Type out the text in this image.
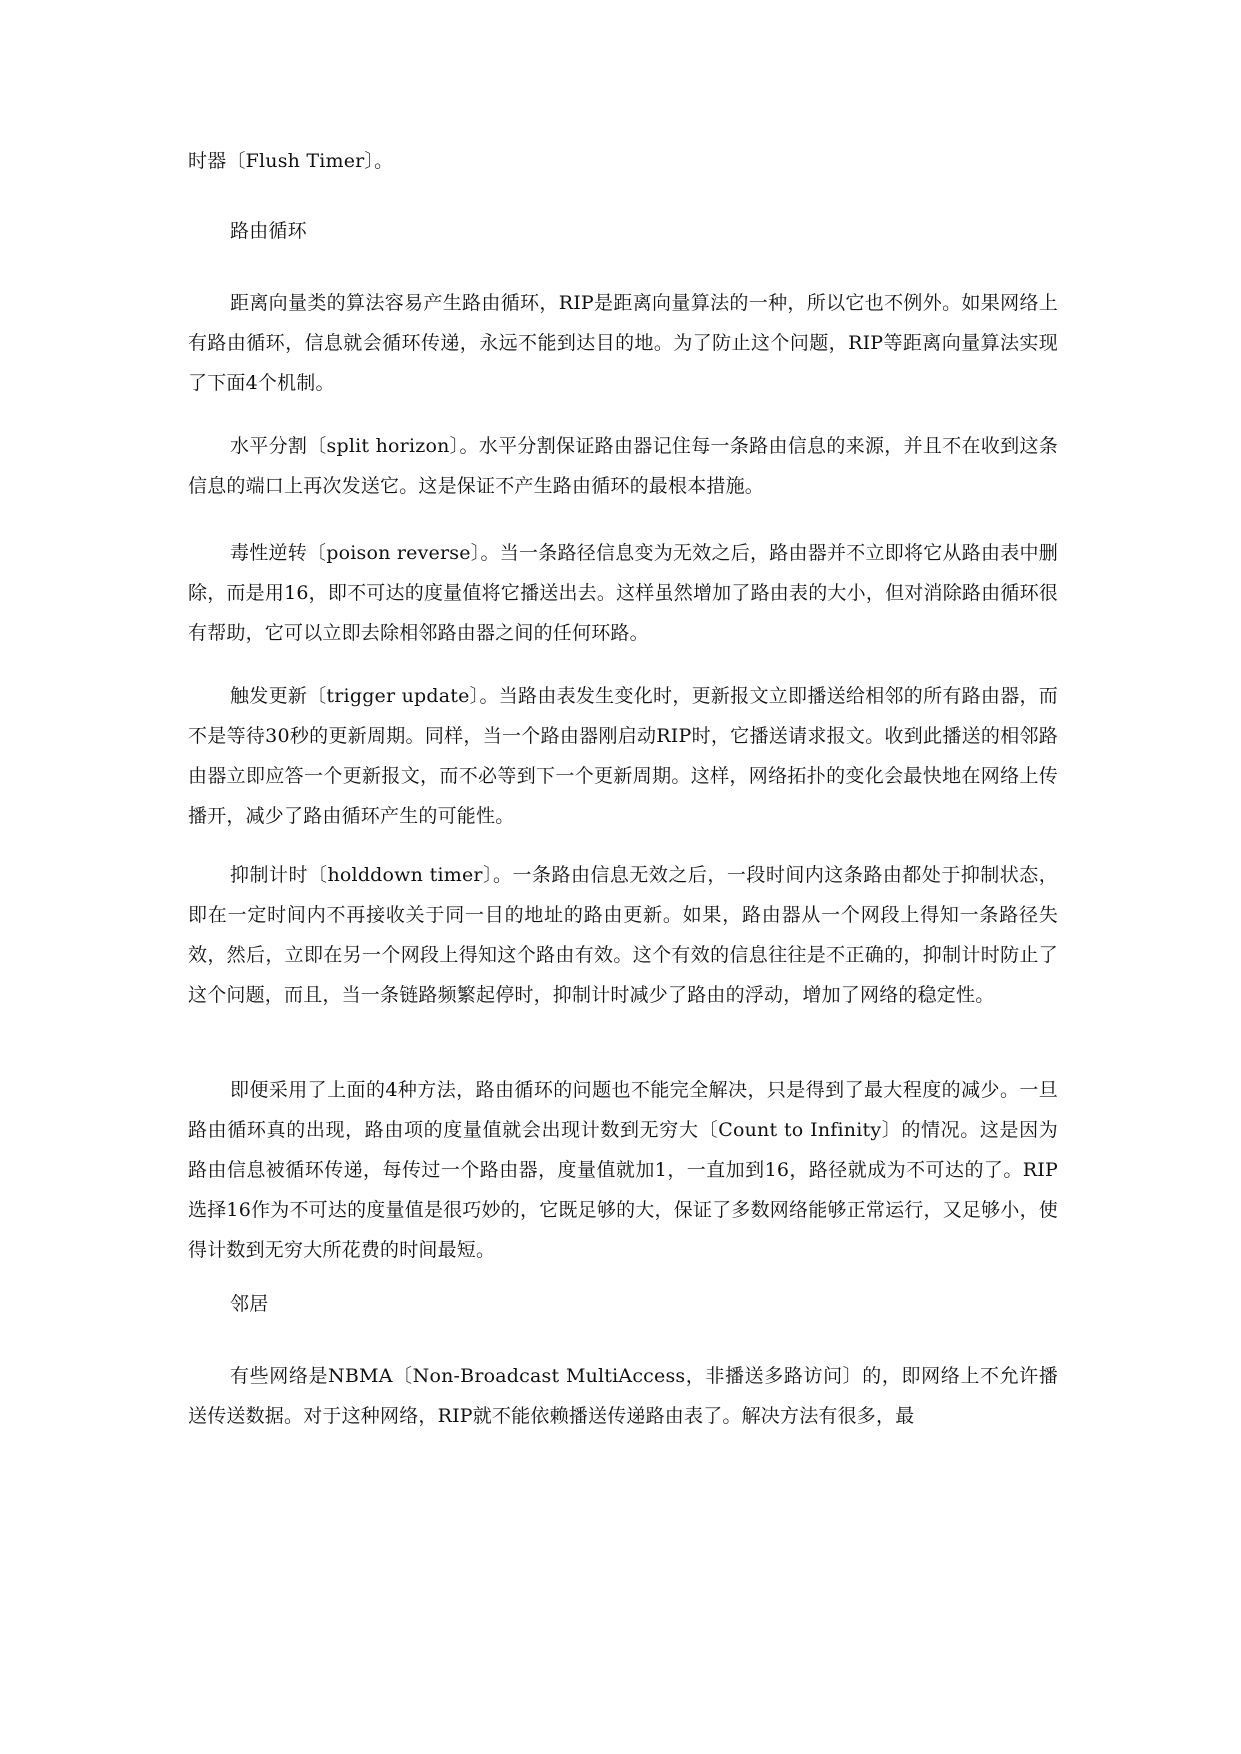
时器〔Flush Timer〕。

路由循环

距离向量类的算法容易产生路由循环，RIP是距离向量算法的一种，所以它也不例外。如果网络上有路由循环，信息就会循环传递，永远不能到达目的地。为了防止这个问题，RIP等距离向量算法实现了下面4个机制。

水平分割〔split horizon〕。水平分割保证路由器记住每一条路由信息的来源，并且不在收到这条信息的端口上再次发送它。这是保证不产生路由循环的最根本措施。

毒性逆转〔poison reverse〕。当一条路径信息变为无效之后，路由器并不立即将它从路由表中删除，而是用16，即不可达的度量值将它播送出去。这样虽然增加了路由表的大小，但对消除路由循环很有帮助，它可以立即去除相邻路由器之间的任何环路。

触发更新〔trigger update〕。当路由表发生变化时，更新报文立即播送给相邻的所有路由器，而不是等待30秒的更新周期。同样，当一个路由器刚启动RIP时，它播送请求报文。收到此播送的相邻路由器立即应答一个更新报文，而不必等到下一个更新周期。这样，网络拓扑的变化会最快地在网络上传播开，减少了路由循环产生的可能性。

抑制计时〔holddown timer〕。一条路由信息无效之后，一段时间内这条路由都处于抑制状态，即在一定时间内不再接收关于同一目的地址的路由更新。如果，路由器从一个网段上得知一条路径失效，然后，立即在另一个网段上得知这个路由有效。这个有效的信息往往是不正确的，抑制计时防止了这个问题，而且，当一条链路频繁起停时，抑制计时减少了路由的浮动，增加了网络的稳定性。

即便采用了上面的4种方法，路由循环的问题也不能完全解决，只是得到了最大程度的减少。一旦路由循环真的出现，路由项的度量值就会出现计数到无穷大〔Count to Infinity〕的情况。这是因为路由信息被循环传递，每传过一个路由器，度量值就加1，一直加到16，路径就成为不可达的了。RIP选择16作为不可达的度量值是很巧妙的，它既足够的大，保证了多数网络能够正常运行，又足够小，使得计数到无穷大所花费的时间最短。

邻居

有些网络是NBMA〔Non-Broadcast MultiAccess，非播送多路访问〕的，即网络上不允许播送传送数据。对于这种网络，RIP就不能依赖播送传递路由表了。解决方法有很多，最
